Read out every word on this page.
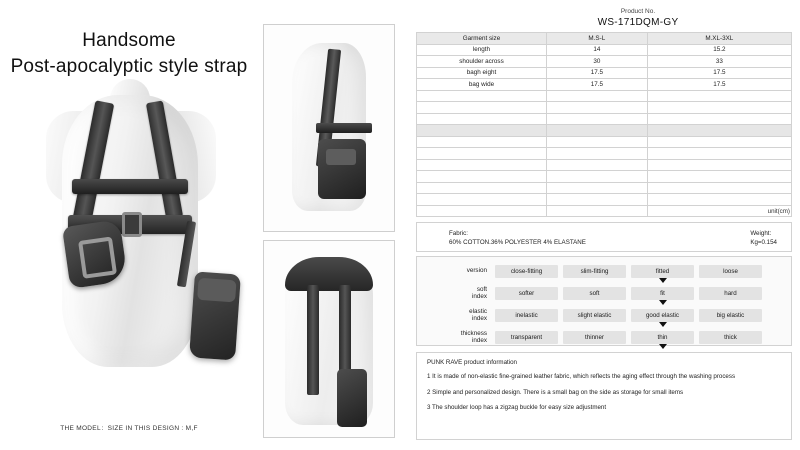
Handsome
Post-apocalyptic style strap
THE MODEL：SIZE IN THIS DESIGN : M,F
Product No.
WS-171DQM-GY
Garment size	M.S-L	M.XL-3XL
length	14	15.2
shoulder across	30	33
bagh eight	17.5	17.5
bag wide	17.5	17.5

unit(cm)
Fabric:
60% COTTON.36% POLYESTER 4% ELASTANE
Weight:
Kg=0.154
version	close-fitting	slim-fitting	fitted	loose
soft
index	softer	soft	fit	hard
elastic
index	inelastic	slight elastic	good elastic	big elastic
thickness
index	transparent	thinner	thin	thick
PUNK RAVE product information
1 It is made of non-elastic fine-grained leather fabric, which reflects the aging effect through the washing process
2 Simple and personalized design. There is a small bag on the side as storage for small items
3 The shoulder loop has a zigzag buckle for easy size adjustment
